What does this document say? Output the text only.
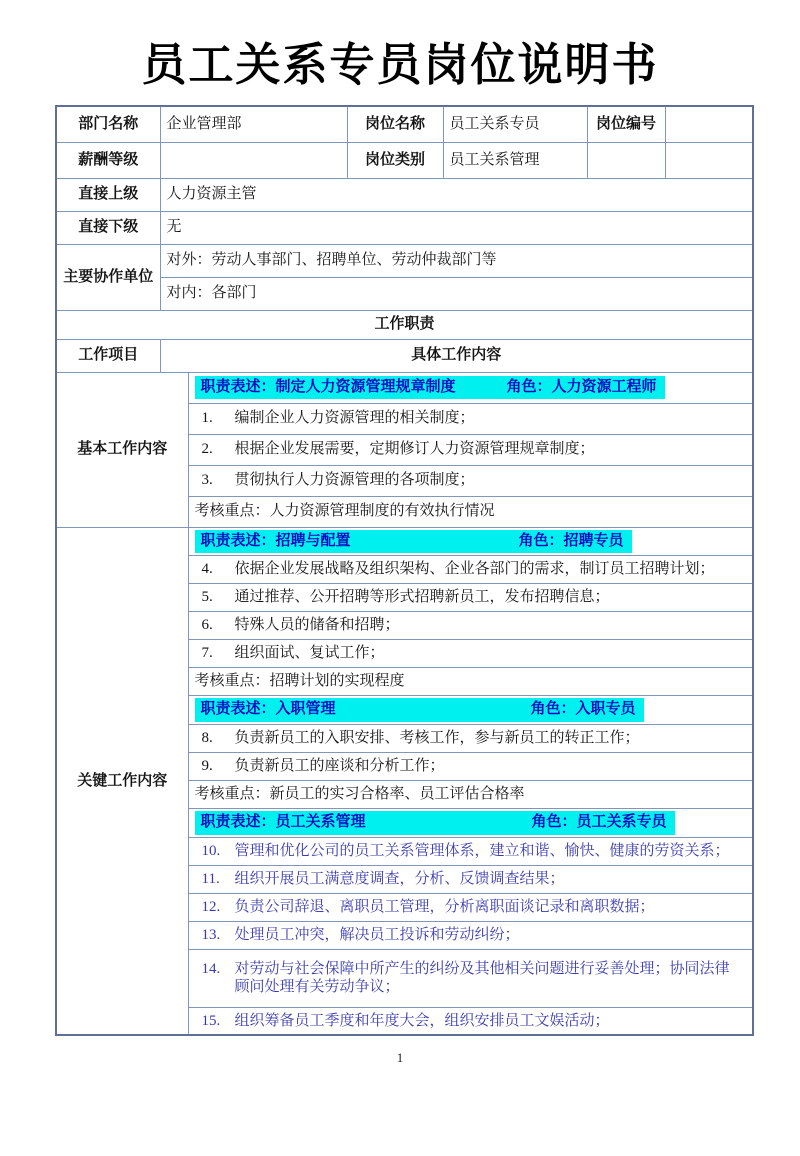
员工关系专员岗位说明书
部门名称	企业管理部		岗位名称	员工关系专员	岗位编号	
薪酬等级			岗位类别	员工关系管理		
直接上级	人力资源主管					
直接下级	无					
主要协作单位	对外：劳动人事部门、招聘单位、劳动仲裁部门等					
	对内：各部门					
工作职责						
工作项目	具体工作内容					
基本工作内容		职责表述：制定人力资源管理规章制度 角色：人力资源工程师				

		1. 编制企业人力资源管理的相关制度；				

		2. 根据企业发展需要，定期修订人力资源管理规章制度；				

		3. 贯彻执行人力资源管理的各项制度；				

		考核重点：人力资源管理制度的有效执行情况				
关键工作内容		职责表述：招聘与配置 角色：招聘专员				

		4. 依据企业发展战略及组织架构、企业各部门的需求，制订员工招聘计划；				

		5. 通过推荐、公开招聘等形式招聘新员工，发布招聘信息；				

		6. 特殊人员的储备和招聘；				

		7. 组织面试、复试工作；				

		考核重点：招聘计划的实现程度				

		职责表述：入职管理 角色：入职专员				

		8. 负责新员工的入职安排、考核工作，参与新员工的转正工作；				

		9. 负责新员工的座谈和分析工作；				

		考核重点：新员工的实习合格率、员工评估合格率				

		职责表述：员工关系管理 角色：员工关系专员				

		10. 管理和优化公司的员工关系管理体系，建立和谐、愉快、健康的劳资关系；				

		11. 组织开展员工满意度调查，分析、反馈调查结果；				

		12. 负责公司辞退、离职员工管理，分析离职面谈记录和离职数据；				

		13. 处理员工冲突，解决员工投诉和劳动纠纷；				

		14. 对劳动与社会保障中所产生的纠纷及其他相关问题进行妥善处理；协同法律顾问处理有关劳动争议；				

		15. 组织筹备员工季度和年度大会，组织安排员工文娱活动；				
1
